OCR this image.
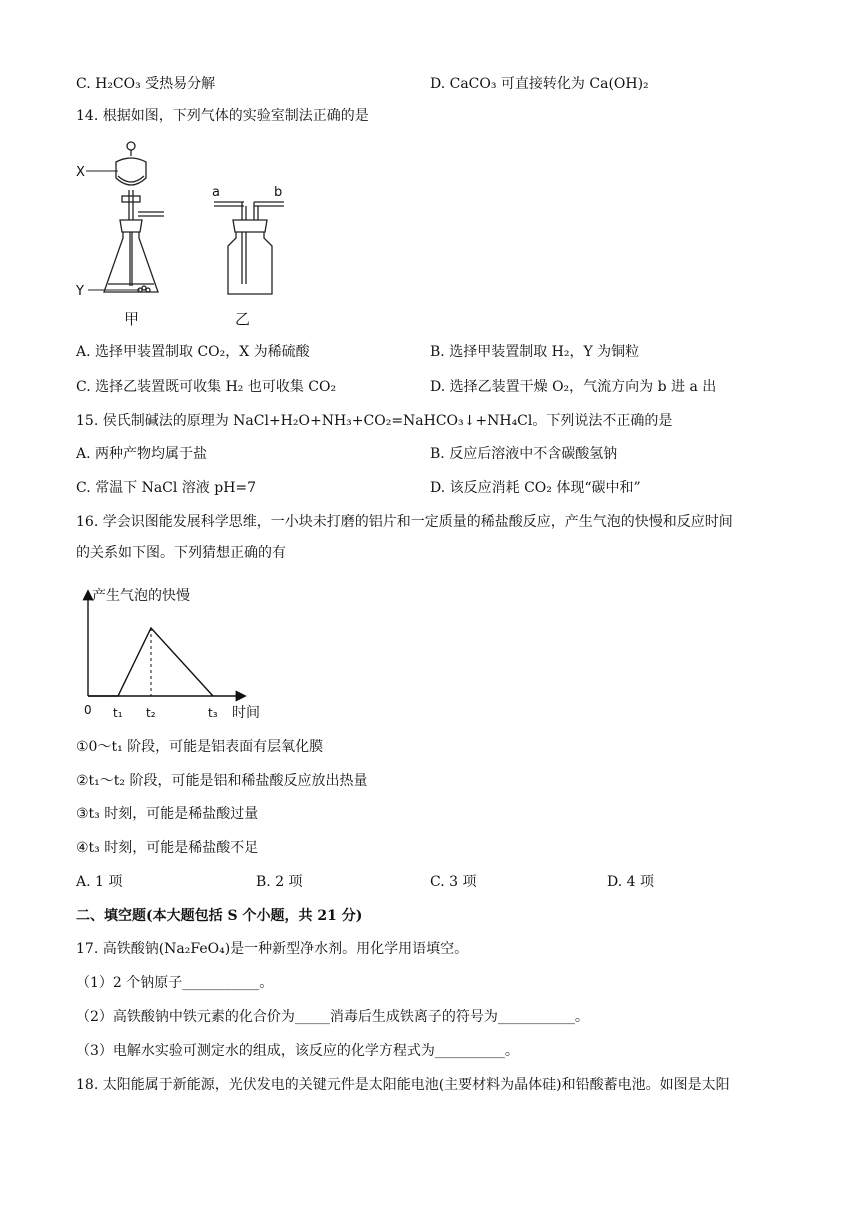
C. H₂CO₃ 受热易分解	D. CaCO₃ 可直接转化为 Ca(OH)₂
14. 根据如图，下列气体的实验室制法正确的是
X
Y
甲
a	b
乙
A. 选择甲装置制取 CO₂，X 为稀硫酸	B. 选择甲装置制取 H₂，Y 为铜粒
C. 选择乙装置既可收集 H₂ 也可收集 CO₂	D. 选择乙装置干燥 O₂，气流方向为 b 进 a 出
15. 侯氏制碱法的原理为 NaCl+H₂O+NH₃+CO₂=NaHCO₃↓+NH₄Cl。下列说法不正确的是
A. 两种产物均属于盐	B. 反应后溶液中不含碳酸氢钠
C. 常温下 NaCl 溶液 pH=7	D. 该反应消耗 CO₂ 体现“碳中和”
16. 学会识图能发展科学思维，一小块未打磨的铝片和一定质量的稀盐酸反应，产生气泡的快慢和反应时间
的关系如下图。下列猜想正确的有
产生气泡的快慢
时间
0 t₁ t₂	t₃
①0～t₁ 阶段，可能是铝表面有层氧化膜
②t₁～t₂ 阶段，可能是铝和稀盐酸反应放出热量
③t₃ 时刻，可能是稀盐酸过量
④t₃ 时刻，可能是稀盐酸不足
A. 1 项	B. 2 项	C. 3 项	D. 4 项
二、填空题(本大题包括 S 个小题，共 21 分)
17. 高铁酸钠(Na₂FeO₄)是一种新型净水剂。用化学用语填空。
（1）2 个钠原子___________。
（2）高铁酸钠中铁元素的化合价为_____消毒后生成铁离子的符号为___________。
（3）电解水实验可测定水的组成，该反应的化学方程式为__________。
18. 太阳能属于新能源，光伏发电的关键元件是太阳能电池(主要材料为晶体硅)和铅酸蓄电池。如图是太阳
